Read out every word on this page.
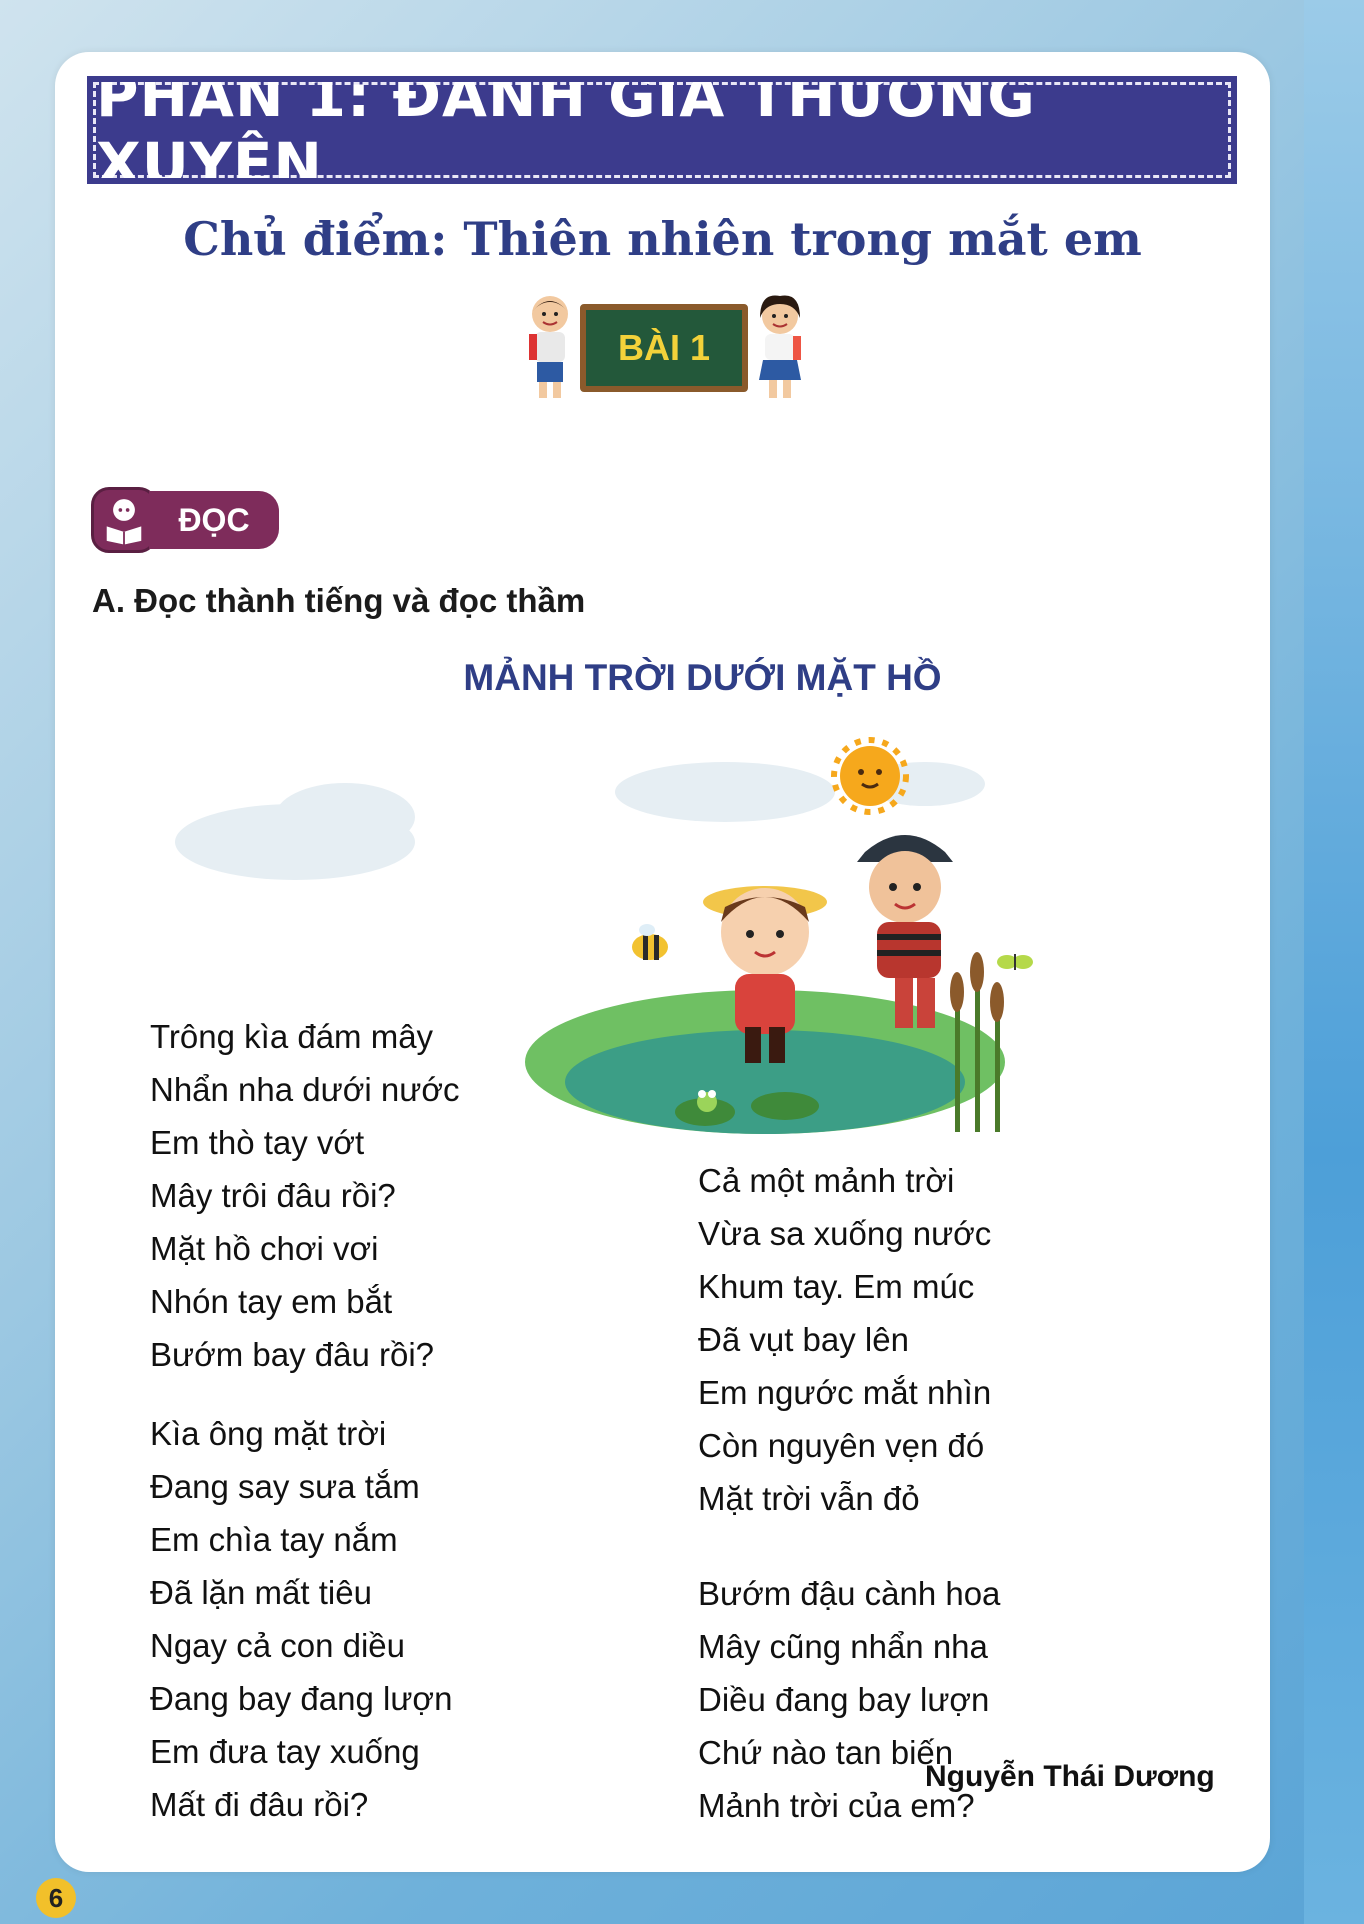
PHẦN 1: ĐÁNH GIÁ THƯỜNG XUYÊN
Chủ điểm: Thiên nhiên trong mắt em
BÀI 1
ĐỌC
A. Đọc thành tiếng và đọc thầm
MẢNH TRỜI DƯỚI MẶT HỒ
Trông kìa đám mây
Nhẩn nha dưới nước
Em thò tay vớt
Mây trôi đâu rồi?
Mặt hồ chơi vơi
Nhón tay em bắt
Bướm bay đâu rồi?
Kìa ông mặt trời
Đang say sưa tắm
Em chìa tay nắm
Đã lặn mất tiêu
Ngay cả con diều
Đang bay đang lượn
Em đưa tay xuống
Mất đi đâu rồi?
Cả một mảnh trời
Vừa sa xuống nước
Khum tay. Em múc
Đã vụt bay lên
Em ngước mắt nhìn
Còn nguyên vẹn đó
Mặt trời vẫn đỏ
Bướm đậu cành hoa
Mây cũng nhẩn nha
Diều đang bay lượn
Chứ nào tan biến
Mảnh trời của em?
Nguyễn Thái Dương
6
